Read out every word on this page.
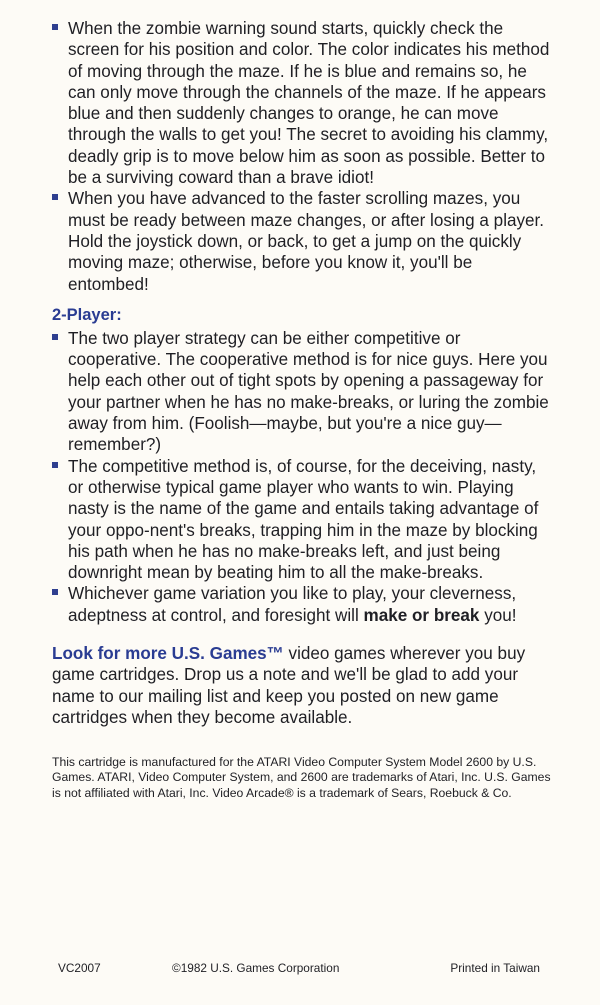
When the zombie warning sound starts, quickly check the screen for his position and color. The color indicates his method of moving through the maze. If he is blue and remains so, he can only move through the channels of the maze. If he appears blue and then suddenly changes to orange, he can move through the walls to get you! The secret to avoiding his clammy, deadly grip is to move below him as soon as possible. Better to be a surviving coward than a brave idiot!

When you have advanced to the faster scrolling mazes, you must be ready between maze changes, or after losing a player. Hold the joystick down, or back, to get a jump on the quickly moving maze; otherwise, before you know it, you'll be entombed!

2-Player:

The two player strategy can be either competitive or cooperative. The cooperative method is for nice guys. Here you help each other out of tight spots by opening a passageway for your partner when he has no make-breaks, or luring the zombie away from him. (Foolish—maybe, but you're a nice guy—remember?)

The competitive method is, of course, for the deceiving, nasty, or otherwise typical game player who wants to win. Playing nasty is the name of the game and entails taking advantage of your oppo-nent's breaks, trapping him in the maze by blocking his path when he has no make-breaks left, and just being downright mean by beating him to all the make-breaks.

Whichever game variation you like to play, your cleverness, adeptness at control, and foresight will make or break you!

Look for more U.S. Games™ video games wherever you buy game cartridges. Drop us a note and we'll be glad to add your name to our mailing list and keep you posted on new game cartridges when they become available.

This cartridge is manufactured for the ATARI Video Computer System Model 2600 by U.S. Games. ATARI, Video Computer System, and 2600 are trademarks of Atari, Inc. U.S. Games is not affiliated with Atari, Inc. Video Arcade® is a trademark of Sears, Roebuck & Co.

VC2007	©1982 U.S. Games Corporation	Printed in Taiwan
